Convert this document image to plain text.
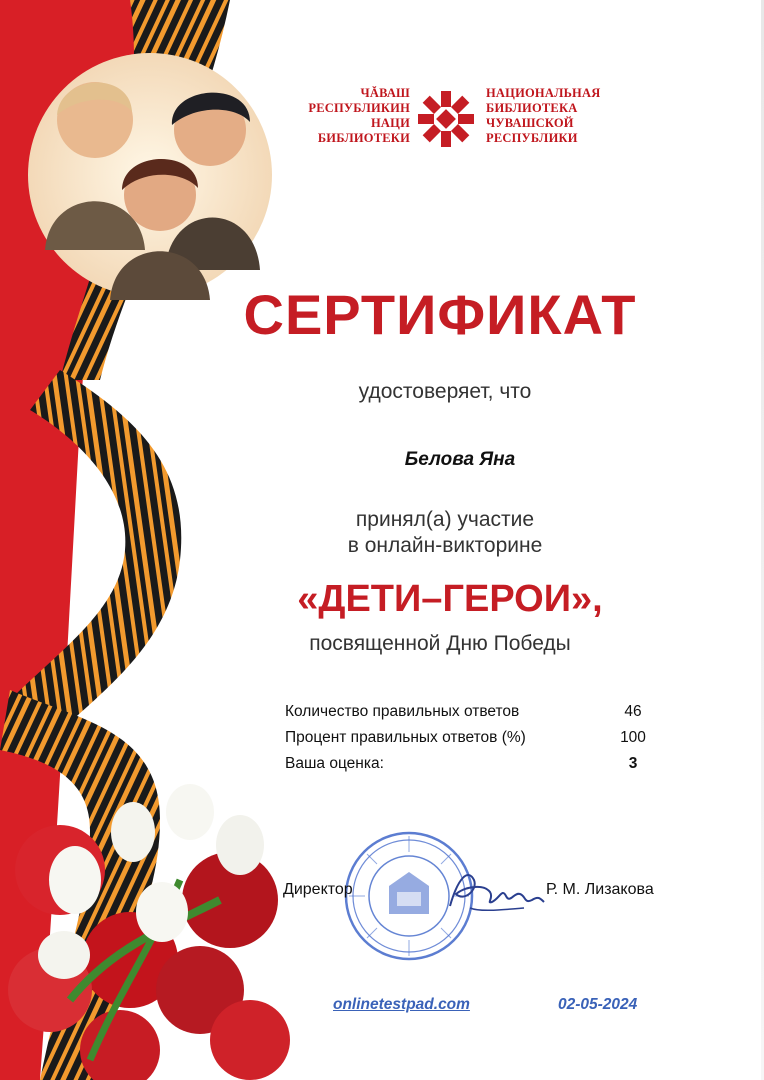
ЧĂВАШ
РЕСПУБЛИКИН
НАЦИ
БИБЛИОТЕКИ
НАЦИОНАЛЬНАЯ
БИБЛИОТЕКА
ЧУВАШСКОЙ
РЕСПУБЛИКИ
СЕРТИФИКАТ
удостоверяет, что
Белова Яна
принял(а) участие
в онлайн-викторине
«ДЕТИ–ГЕРОИ»,
посвященной Дню Победы
Количество правильных ответов	46
Процент правильных ответов (%)	100
Ваша оценка:	3
Директор	Р. М. Лизакова
onlinetestpad.com	02-05-2024
